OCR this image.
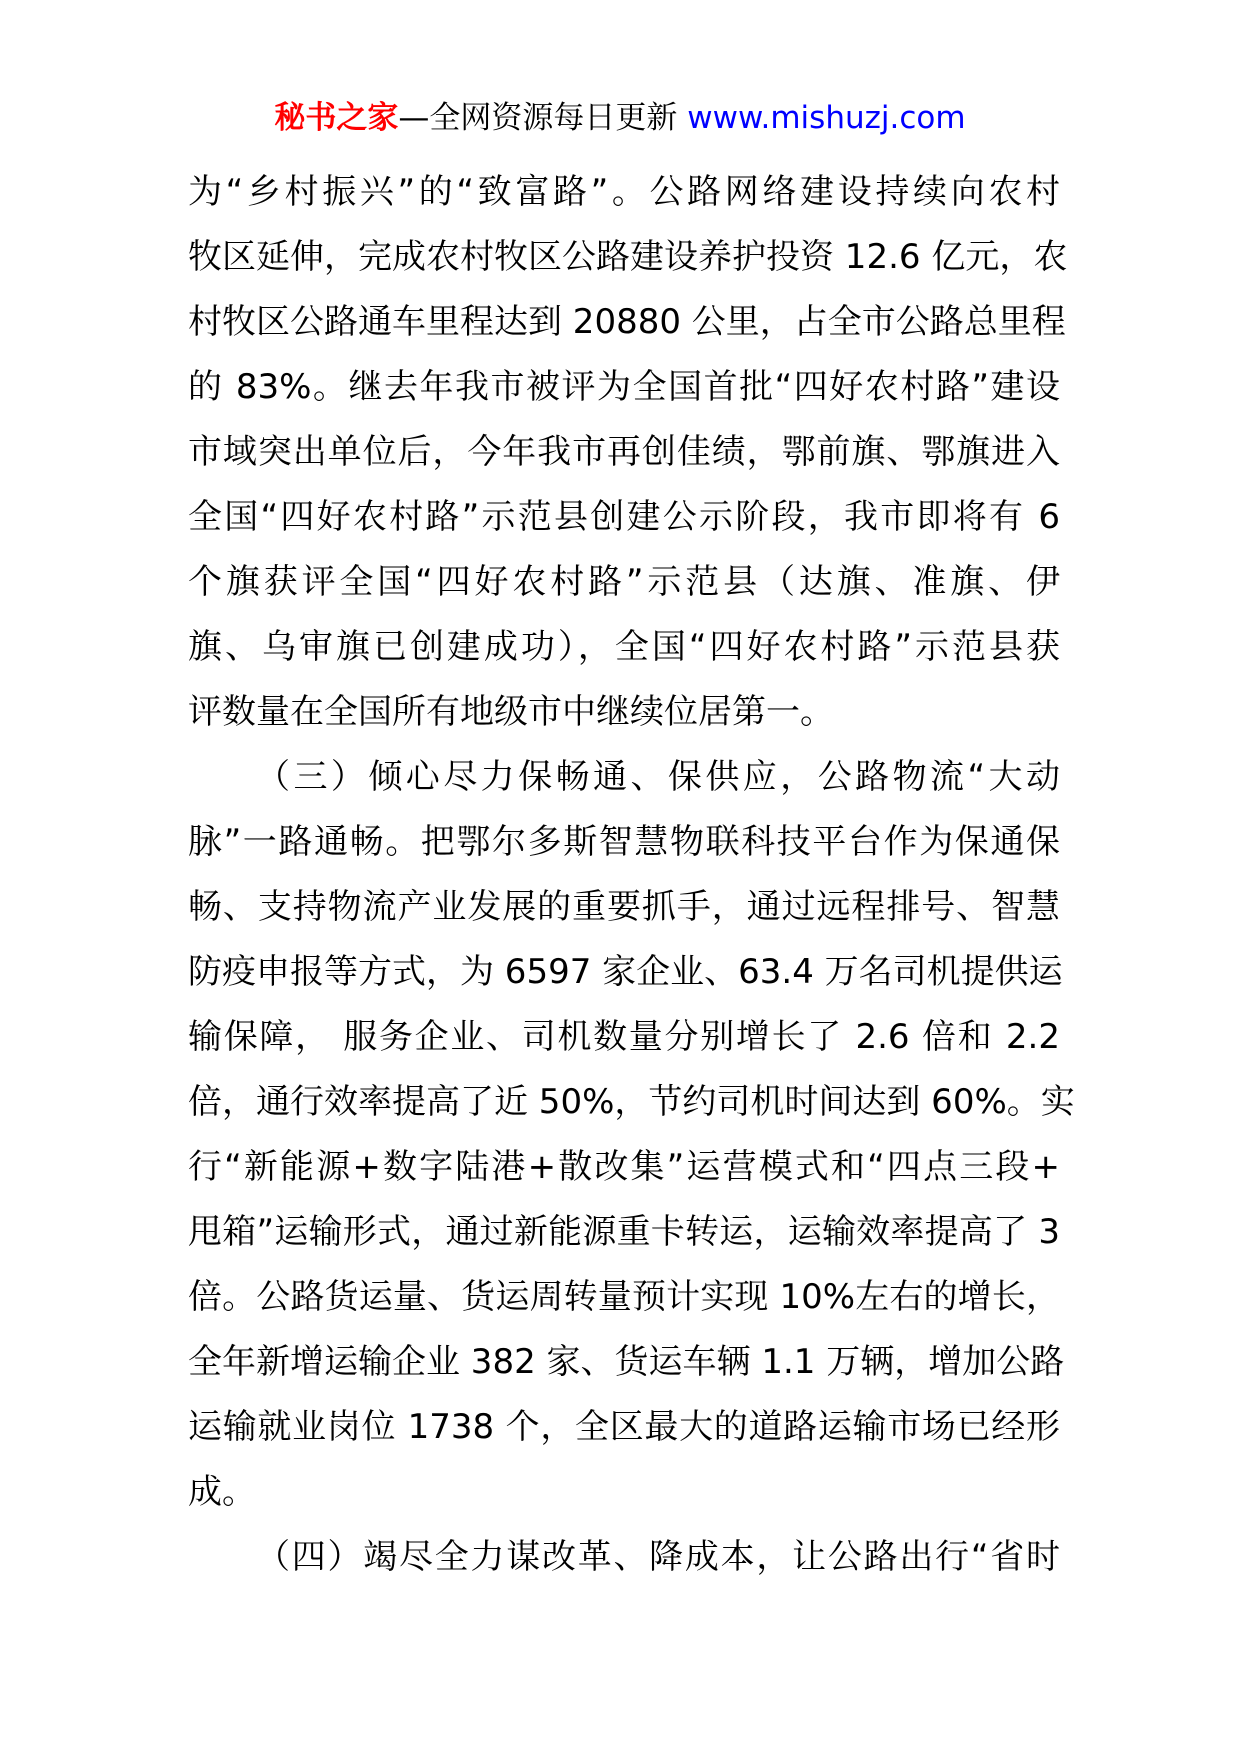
秘书之家—全网资源每日更新 www.mishuzj.com
为“乡村振兴”的“致富路”。公路网络建设持续向农村
牧区延伸，完成农村牧区公路建设养护投资 12.6 亿元，农
村牧区公路通车里程达到 20880 公里，占全市公路总里程
的 83%。继去年我市被评为全国首批“四好农村路”建设
市域突出单位后，今年我市再创佳绩，鄂前旗、鄂旗进入
全国“四好农村路”示范县创建公示阶段，我市即将有 6
个旗获评全国“四好农村路”示范县（达旗、准旗、伊
旗、乌审旗已创建成功），全国“四好农村路”示范县获
评数量在全国所有地级市中继续位居第一。
（三）倾心尽力保畅通、保供应，公路物流“大动
脉”一路通畅。把鄂尔多斯智慧物联科技平台作为保通保
畅、支持物流产业发展的重要抓手，通过远程排号、智慧
防疫申报等方式，为 6597 家企业、63.4 万名司机提供运
输保障， 服务企业、司机数量分别增长了 2.6 倍和 2.2
倍，通行效率提高了近 50%，节约司机时间达到 60%。实
行“新能源+数字陆港+散改集”运营模式和“四点三段+
甩箱”运输形式，通过新能源重卡转运，运输效率提高了 3
倍。公路货运量、货运周转量预计实现 10%左右的增长，
全年新增运输企业 382 家、货运车辆 1.1 万辆，增加公路
运输就业岗位 1738 个，全区最大的道路运输市场已经形
成。
（四）竭尽全力谋改革、降成本，让公路出行“省时
